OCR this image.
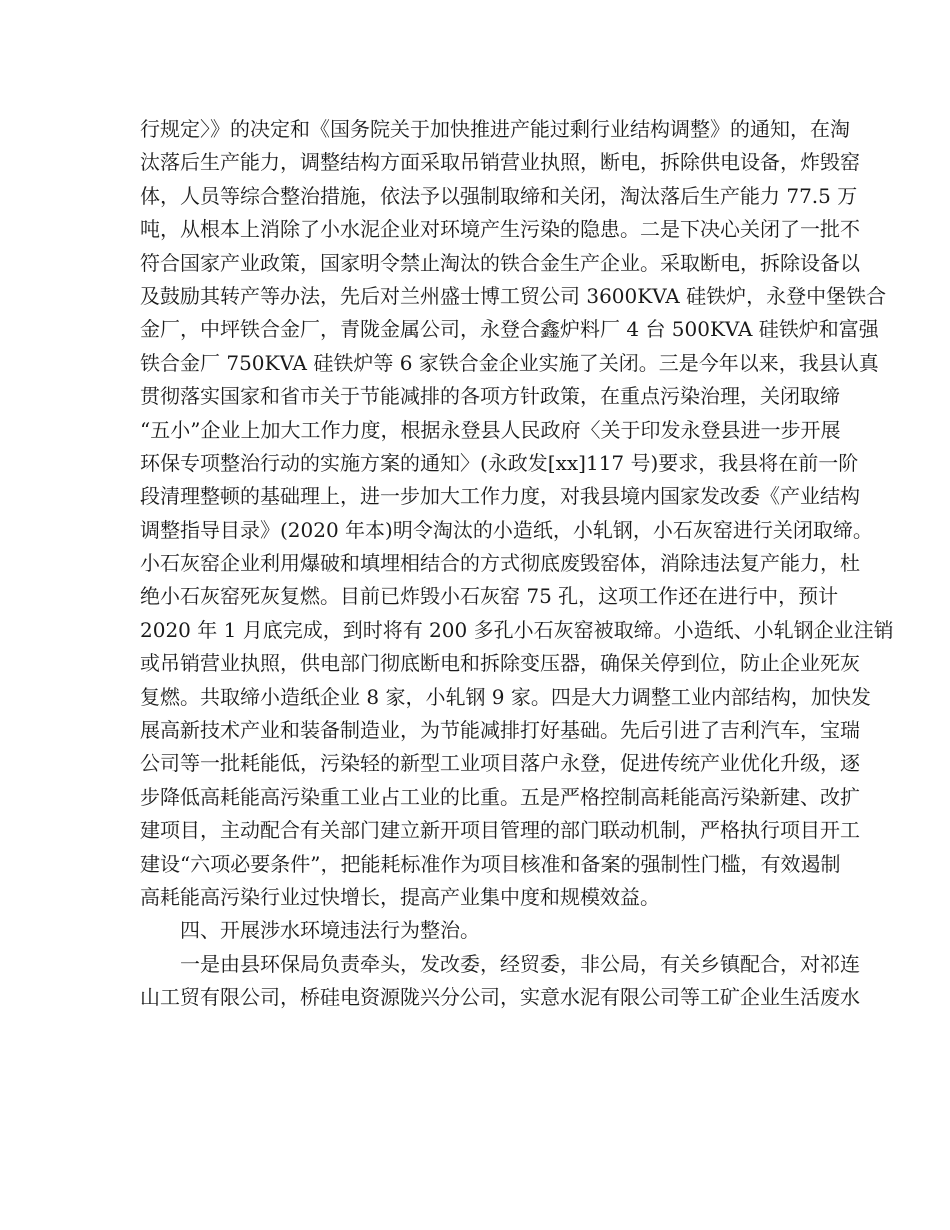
行规定〉》的决定和《国务院关于加快推进产能过剩行业结构调整》的通知，在淘
汰落后生产能力，调整结构方面采取吊销营业执照，断电，拆除供电设备，炸毁窑
体，人员等综合整治措施，依法予以强制取缔和关闭，淘汰落后生产能力 77.5 万
吨，从根本上消除了小水泥企业对环境产生污染的隐患。二是下决心关闭了一批不
符合国家产业政策，国家明令禁止淘汰的铁合金生产企业。采取断电，拆除设备以
及鼓励其转产等办法，先后对兰州盛士博工贸公司 3600KVA 硅铁炉，永登中堡铁合
金厂，中坪铁合金厂，青陇金属公司，永登合鑫炉料厂 4 台 500KVA 硅铁炉和富强
铁合金厂 750KVA 硅铁炉等 6 家铁合金企业实施了关闭。三是今年以来，我县认真
贯彻落实国家和省市关于节能减排的各项方针政策，在重点污染治理，关闭取缔
“五小”企业上加大工作力度，根据永登县人民政府〈关于印发永登县进一步开展
环保专项整治行动的实施方案的通知〉(永政发[xx]117 号)要求，我县将在前一阶
段清理整顿的基础理上，进一步加大工作力度，对我县境内国家发改委《产业结构
调整指导目录》(2020 年本)明令淘汰的小造纸，小轧钢，小石灰窑进行关闭取缔。
小石灰窑企业利用爆破和填埋相结合的方式彻底废毁窑体，消除违法复产能力，杜
绝小石灰窑死灰复燃。目前已炸毁小石灰窑 75 孔，这项工作还在进行中，预计
2020 年 1 月底完成，到时将有 200 多孔小石灰窑被取缔。小造纸、小轧钢企业注销
或吊销营业执照，供电部门彻底断电和拆除变压器，确保关停到位，防止企业死灰
复燃。共取缔小造纸企业 8 家，小轧钢 9 家。四是大力调整工业内部结构，加快发
展高新技术产业和装备制造业，为节能减排打好基础。先后引进了吉利汽车，宝瑞
公司等一批耗能低，污染轻的新型工业项目落户永登，促进传统产业优化升级，逐
步降低高耗能高污染重工业占工业的比重。五是严格控制高耗能高污染新建、改扩
建项目，主动配合有关部门建立新开项目管理的部门联动机制，严格执行项目开工
建设“六项必要条件”，把能耗标准作为项目核准和备案的强制性门槛，有效遏制
高耗能高污染行业过快增长，提高产业集中度和规模效益。
四、开展涉水环境违法行为整治。
一是由县环保局负责牵头，发改委，经贸委，非公局，有关乡镇配合，对祁连
山工贸有限公司，桥硅电资源陇兴分公司，实意水泥有限公司等工矿企业生活废水
